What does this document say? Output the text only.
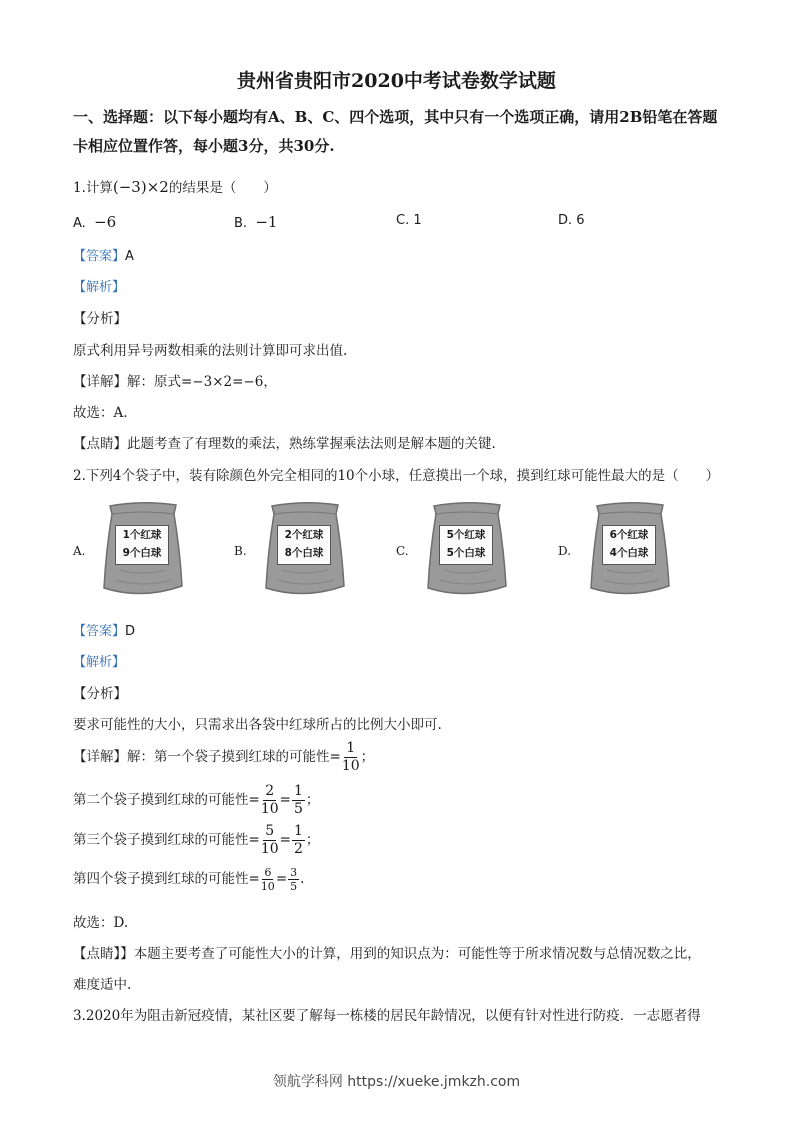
贵州省贵阳市2020中考试卷数学试题
一、选择题：以下每小题均有A、B、C、四个选项，其中只有一个选项正确，请用2B铅笔在答题卡相应位置作答，每小题3分，共30分.
1.计算(−3)×2的结果是（　　）
A. −6	B. −1	C. 1	D. 6
【答案】A
【解析】
【分析】
原式利用异号两数相乘的法则计算即可求出值.
【详解】解：原式=−3×2=−6，
故选：A.
【点睛】此题考查了有理数的乘法，熟练掌握乘法法则是解本题的关键.
2.下列4个袋子中，装有除颜色外完全相同的10个小球，任意摸出一个球，摸到红球可能性最大的是（　　）
A.
1个红球
9个白球	B.
2个红球
8个白球	C.
5个红球
5个白球	D.
6个红球
4个白球
【答案】D
【解析】
【分析】
要求可能性的大小，只需求出各袋中红球所占的比例大小即可.
【详解】解：第一个袋子摸到红球的可能性= $\frac{1}{10}$ ；
第二个袋子摸到红球的可能性= $\frac{2}{10} = \frac{1}{5}$ ；
第三个袋子摸到红球的可能性= $\frac{5}{10} = \frac{1}{2}$ ；
第四个袋子摸到红球的可能性= $\frac{6}{10} = \frac{3}{5}$ .
故选：D.
【点睛】】本题主要考查了可能性大小的计算，用到的知识点为：可能性等于所求情况数与总情况数之比，
难度适中.
3.2020年为阻击新冠疫情，某社区要了解每一栋楼的居民年龄情况，以便有针对性进行防疫．一志愿者得
领航学科网 https://xueke.jmkzh.com
